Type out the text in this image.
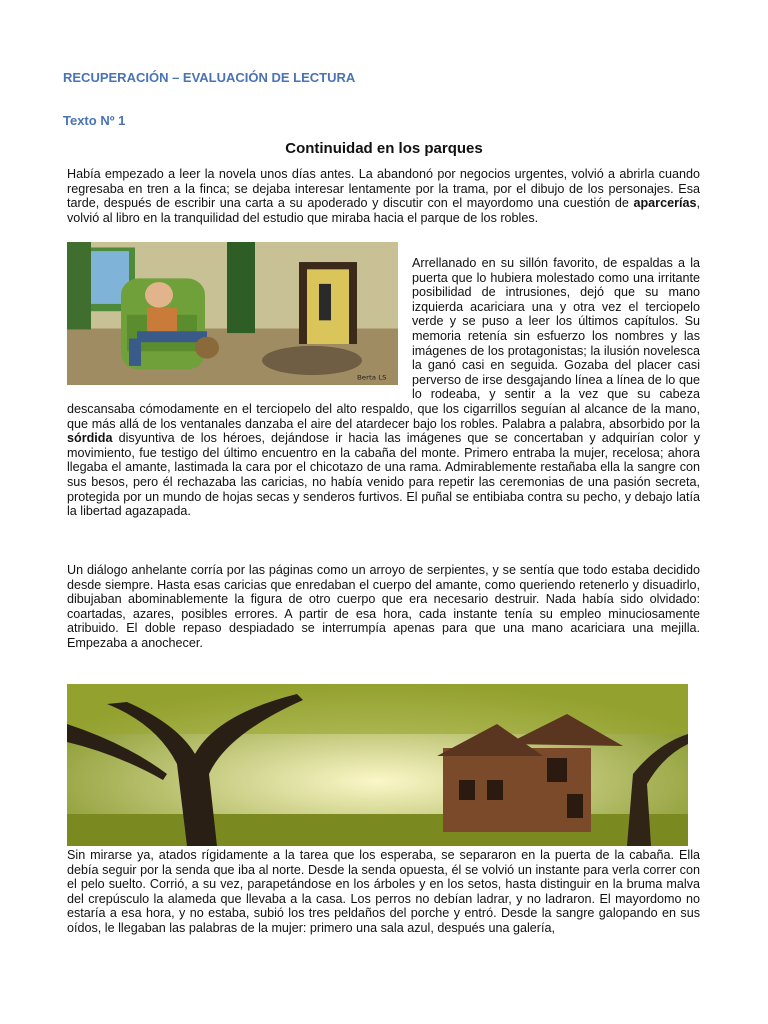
RECUPERACIÓN – EVALUACIÓN DE LECTURA
Texto Nº 1
Continuidad en los parques

Había empezado a leer la novela unos días antes. La abandonó por negocios urgentes, volvió a abrirla cuando regresaba en tren a la finca; se dejaba interesar lentamente por la trama, por el dibujo de los personajes. Esa tarde, después de escribir una carta a su apoderado y discutir con el mayordomo una cuestión de aparcerías, volvió al libro en la tranquilidad del estudio que miraba hacia el parque de los robles.

Berta LS
Arrellanado en su sillón favorito, de espaldas a la puerta que lo hubiera molestado como una irritante posibilidad de intrusiones, dejó que su mano izquierda acariciara una y otra vez el terciopelo verde y se puso a leer los últimos capítulos. Su memoria retenía sin esfuerzo los nombres y las imágenes de los protagonistas; la ilusión novelesca la ganó casi en seguida. Gozaba del placer casi perverso de irse desgajando línea a línea de lo que lo rodeaba, y sentir a la vez que su cabeza descansaba cómodamente en el terciopelo del alto respaldo, que los cigarrillos seguían al alcance de la mano, que más allá de los ventanales danzaba el aire del atardecer bajo los robles. Palabra a palabra, absorbido por la sórdida disyuntiva de los héroes, dejándose ir hacia las imágenes que se concertaban y adquirían color y movimiento, fue testigo del último encuentro en la cabaña del monte. Primero entraba la mujer, recelosa; ahora llegaba el amante, lastimada la cara por el chicotazo de una rama. Admirablemente restañaba ella la sangre con sus besos, pero él rechazaba las caricias, no había venido para repetir las ceremonias de una pasión secreta, protegida por un mundo de hojas secas y senderos furtivos. El puñal se entibiaba contra su pecho, y debajo latía la libertad agazapada.

Un diálogo anhelante corría por las páginas como un arroyo de serpientes, y se sentía que todo estaba decidido desde siempre. Hasta esas caricias que enredaban el cuerpo del amante, como queriendo retenerlo y disuadirlo, dibujaban abominablemente la figura de otro cuerpo que era necesario destruir. Nada había sido olvidado: coartadas, azares, posibles errores. A partir de esa hora, cada instante tenía su empleo minuciosamente atribuido. El doble repaso despiadado se interrumpía apenas para que una mano acariciara una mejilla. Empezaba a anochecer.

Sin mirarse ya, atados rígidamente a la tarea que los esperaba, se separaron en la puerta de la cabaña. Ella debía seguir por la senda que iba al norte. Desde la senda opuesta, él se volvió un instante para verla correr con el pelo suelto. Corrió, a su vez, parapetándose en los árboles y en los setos, hasta distinguir en la bruma malva del crepúsculo la alameda que llevaba a la casa. Los perros no debían ladrar, y no ladraron. El mayordomo no estaría a esa hora, y no estaba, subió los tres peldaños del porche y entró. Desde la sangre galopando en sus oídos, le llegaban las palabras de la mujer: primero una sala azul, después una galería,
